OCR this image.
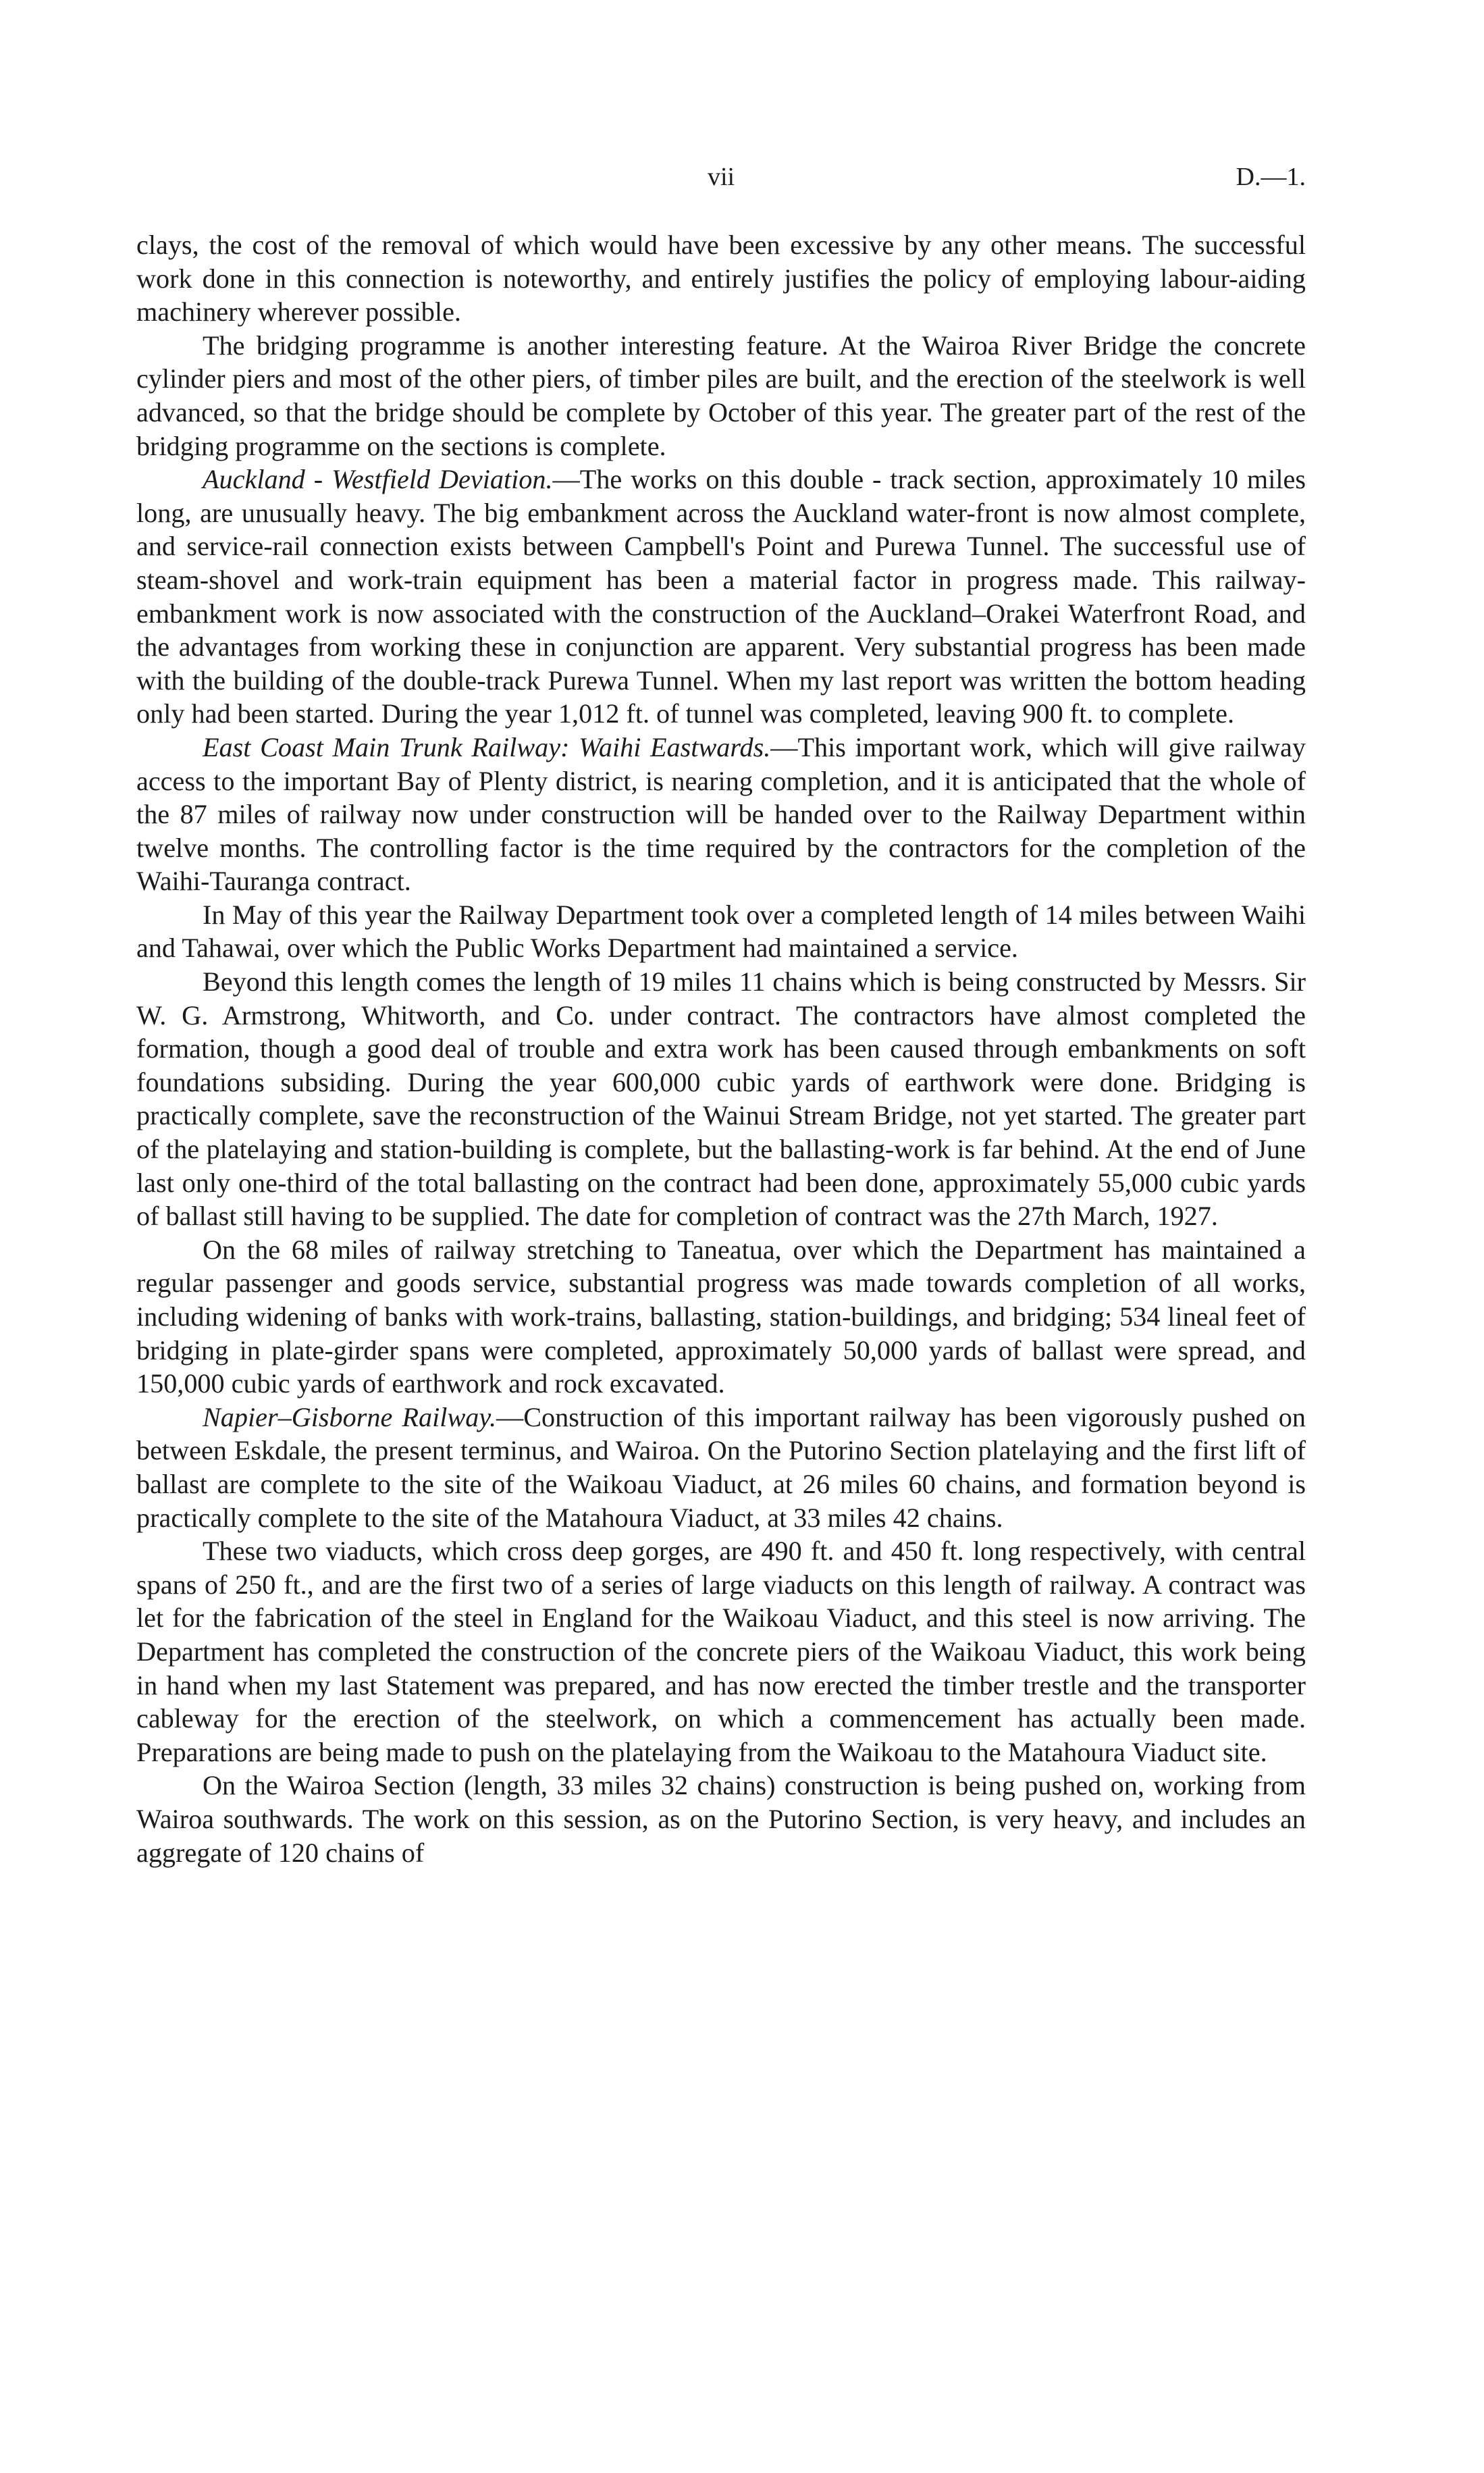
vii	D.—1.

clays, the cost of the removal of which would have been excessive by any other means. The successful work done in this connection is noteworthy, and entirely justifies the policy of employing labour-aiding machinery wherever possible.

The bridging programme is another interesting feature. At the Wairoa River Bridge the concrete cylinder piers and most of the other piers, of timber piles are built, and the erection of the steelwork is well advanced, so that the bridge should be complete by October of this year. The greater part of the rest of the bridging programme on the sections is complete.

Auckland - Westfield Deviation.—The works on this double - track section, approximately 10 miles long, are unusually heavy. The big embankment across the Auckland water-front is now almost complete, and service-rail connection exists between Campbell's Point and Purewa Tunnel. The successful use of steam-shovel and work-train equipment has been a material factor in progress made. This railway-embankment work is now associated with the construction of the Auckland–Orakei Waterfront Road, and the advantages from working these in conjunction are apparent. Very substantial progress has been made with the building of the double-track Purewa Tunnel. When my last report was written the bottom heading only had been started. During the year 1,012 ft. of tunnel was completed, leaving 900 ft. to complete.

East Coast Main Trunk Railway: Waihi Eastwards.—This important work, which will give railway access to the important Bay of Plenty district, is nearing completion, and it is anticipated that the whole of the 87 miles of railway now under construction will be handed over to the Railway Department within twelve months. The controlling factor is the time required by the contractors for the completion of the Waihi-Tauranga contract.

In May of this year the Railway Department took over a completed length of 14 miles between Waihi and Tahawai, over which the Public Works Department had maintained a service.

Beyond this length comes the length of 19 miles 11 chains which is being constructed by Messrs. Sir W. G. Armstrong, Whitworth, and Co. under contract. The contractors have almost completed the formation, though a good deal of trouble and extra work has been caused through embankments on soft foundations subsiding. During the year 600,000 cubic yards of earthwork were done. Bridging is practically complete, save the reconstruction of the Wainui Stream Bridge, not yet started. The greater part of the platelaying and station-building is complete, but the ballasting-work is far behind. At the end of June last only one-third of the total ballasting on the contract had been done, approximately 55,000 cubic yards of ballast still having to be supplied. The date for completion of contract was the 27th March, 1927.

On the 68 miles of railway stretching to Taneatua, over which the Department has maintained a regular passenger and goods service, substantial progress was made towards completion of all works, including widening of banks with work-trains, ballasting, station-buildings, and bridging; 534 lineal feet of bridging in plate-girder spans were completed, approximately 50,000 yards of ballast were spread, and 150,000 cubic yards of earthwork and rock excavated.

Napier–Gisborne Railway.—Construction of this important railway has been vigorously pushed on between Eskdale, the present terminus, and Wairoa. On the Putorino Section platelaying and the first lift of ballast are complete to the site of the Waikoau Viaduct, at 26 miles 60 chains, and formation beyond is practically complete to the site of the Matahoura Viaduct, at 33 miles 42 chains.

These two viaducts, which cross deep gorges, are 490 ft. and 450 ft. long respectively, with central spans of 250 ft., and are the first two of a series of large viaducts on this length of railway. A contract was let for the fabrication of the steel in England for the Waikoau Viaduct, and this steel is now arriving. The Department has completed the construction of the concrete piers of the Waikoau Viaduct, this work being in hand when my last Statement was prepared, and has now erected the timber trestle and the transporter cableway for the erection of the steelwork, on which a commencement has actually been made. Preparations are being made to push on the platelaying from the Waikoau to the Matahoura Viaduct site.

On the Wairoa Section (length, 33 miles 32 chains) construction is being pushed on, working from Wairoa southwards. The work on this session, as on the Putorino Section, is very heavy, and includes an aggregate of 120 chains of
